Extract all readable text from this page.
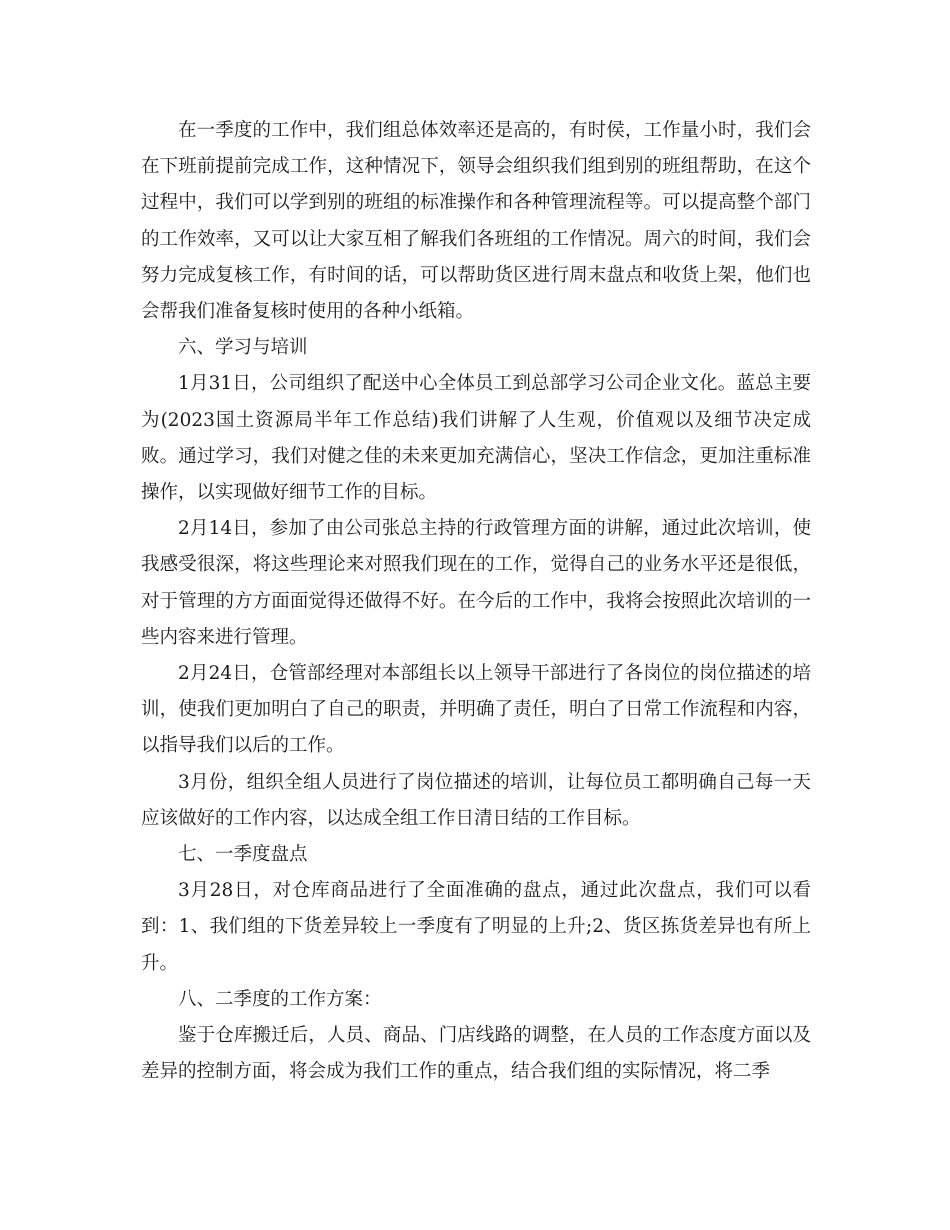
在一季度的工作中，我们组总体效率还是高的，有时侯，工作量小时，我们会在下班前提前完成工作，这种情况下，领导会组织我们组到别的班组帮助，在这个过程中，我们可以学到别的班组的标准操作和各种管理流程等。可以提高整个部门的工作效率，又可以让大家互相了解我们各班组的工作情况。周六的时间，我们会努力完成复核工作，有时间的话，可以帮助货区进行周末盘点和收货上架，他们也会帮我们准备复核时使用的各种小纸箱。

六、学习与培训

1月31日，公司组织了配送中心全体员工到总部学习公司企业文化。蓝总主要为(2023国土资源局半年工作总结)我们讲解了人生观，价值观以及细节决定成败。通过学习，我们对健之佳的未来更加充满信心，坚决工作信念，更加注重标准操作，以实现做好细节工作的目标。

2月14日，参加了由公司张总主持的行政管理方面的讲解，通过此次培训，使我感受很深，将这些理论来对照我们现在的工作，觉得自己的业务水平还是很低，对于管理的方方面面觉得还做得不好。在今后的工作中，我将会按照此次培训的一些内容来进行管理。

2月24日，仓管部经理对本部组长以上领导干部进行了各岗位的岗位描述的培训，使我们更加明白了自己的职责，并明确了责任，明白了日常工作流程和内容，以指导我们以后的工作。

3月份，组织全组人员进行了岗位描述的培训，让每位员工都明确自己每一天应该做好的工作内容，以达成全组工作日清日结的工作目标。

七、一季度盘点

3月28日，对仓库商品进行了全面准确的盘点，通过此次盘点，我们可以看到：1、我们组的下货差异较上一季度有了明显的上升;2、货区拣货差异也有所上升。

八、二季度的工作方案：

鉴于仓库搬迁后，人员、商品、门店线路的调整，在人员的工作态度方面以及差异的控制方面，将会成为我们工作的重点，结合我们组的实际情况，将二季
